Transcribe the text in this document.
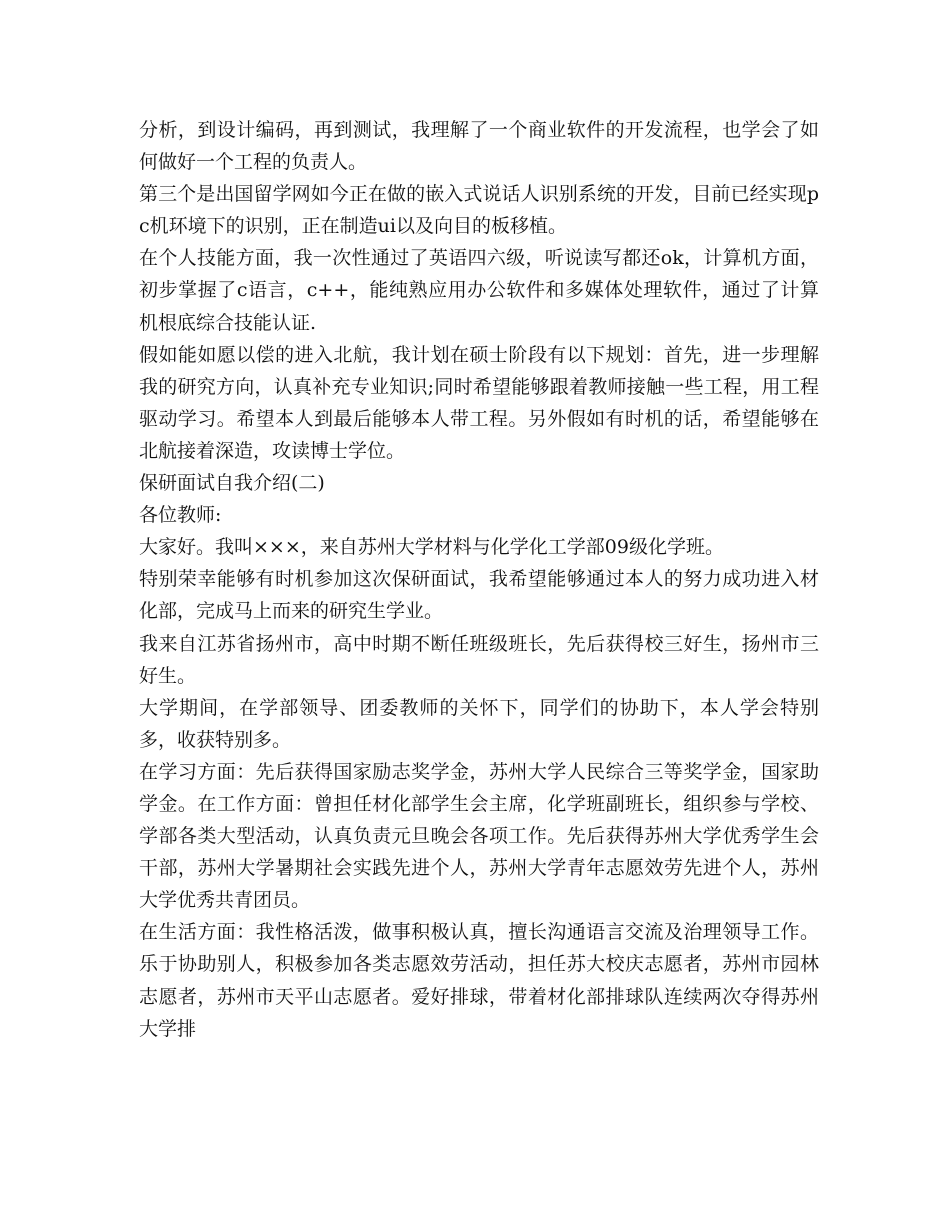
分析，到设计编码，再到测试，我理解了一个商业软件的开发流程，也学会了如何做好一个工程的负责人。

第三个是出国留学网如今正在做的嵌入式说话人识别系统的开发，目前已经实现pc机环境下的识别，正在制造ui以及向目的板移植。

在个人技能方面，我一次性通过了英语四六级，听说读写都还ok，计算机方面，初步掌握了c语言，c++，能纯熟应用办公软件和多媒体处理软件，通过了计算机根底综合技能认证.

假如能如愿以偿的进入北航，我计划在硕士阶段有以下规划：首先，进一步理解我的研究方向，认真补充专业知识;同时希望能够跟着教师接触一些工程，用工程驱动学习。希望本人到最后能够本人带工程。另外假如有时机的话，希望能够在北航接着深造，攻读博士学位。

保研面试自我介绍(二)

各位教师:

大家好。我叫×××，来自苏州大学材料与化学化工学部09级化学班。

特别荣幸能够有时机参加这次保研面试，我希望能够通过本人的努力成功进入材化部，完成马上而来的研究生学业。

我来自江苏省扬州市，高中时期不断任班级班长，先后获得校三好生，扬州市三好生。

大学期间，在学部领导、团委教师的关怀下，同学们的协助下，本人学会特别多，收获特别多。

在学习方面：先后获得国家励志奖学金，苏州大学人民综合三等奖学金，国家助学金。在工作方面：曾担任材化部学生会主席，化学班副班长，组织参与学校、学部各类大型活动，认真负责元旦晚会各项工作。先后获得苏州大学优秀学生会干部，苏州大学暑期社会实践先进个人，苏州大学青年志愿效劳先进个人，苏州大学优秀共青团员。

在生活方面：我性格活泼，做事积极认真，擅长沟通语言交流及治理领导工作。乐于协助别人，积极参加各类志愿效劳活动，担任苏大校庆志愿者，苏州市园林志愿者，苏州市天平山志愿者。爱好排球，带着材化部排球队连续两次夺得苏州大学排
